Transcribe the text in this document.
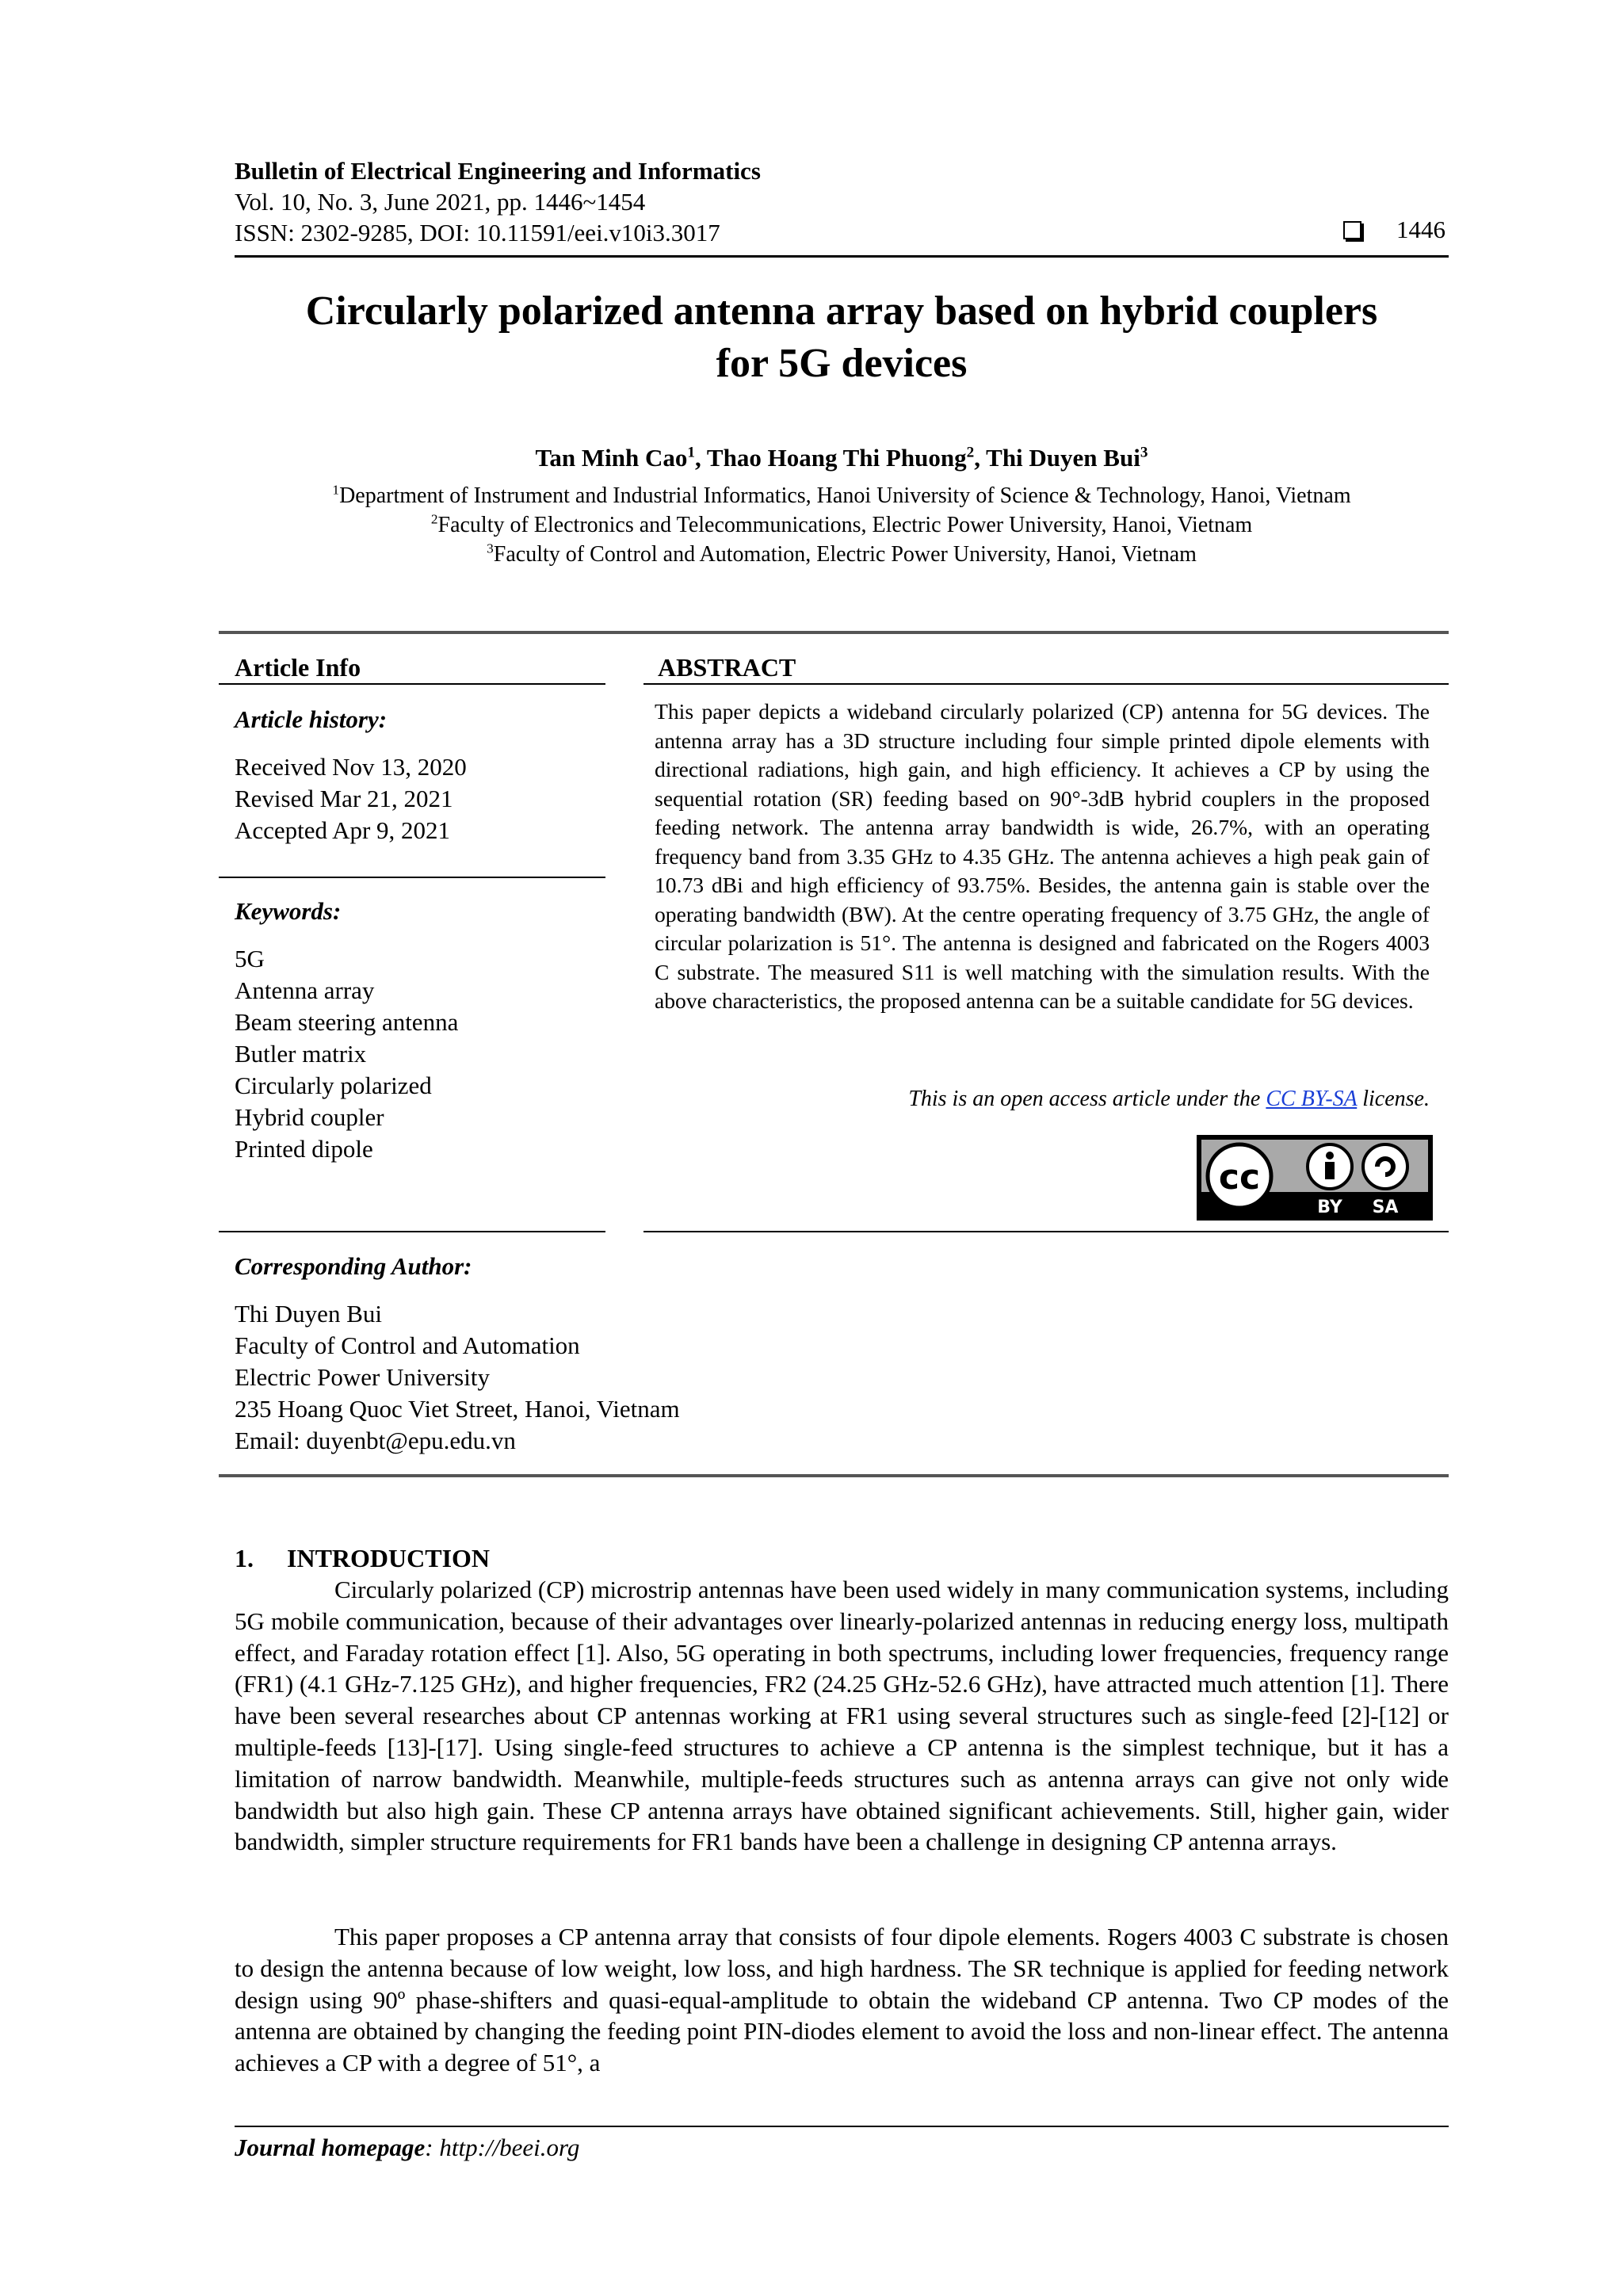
Bulletin of Electrical Engineering and Informatics
Vol. 10, No. 3, June 2021, pp. 1446~1454
ISSN: 2302-9285, DOI: 10.11591/eei.v10i3.3017	1446
Circularly polarized antenna array based on hybrid couplers
for 5G devices
Tan Minh Cao$^1$, Thao Hoang Thi Phuong$^2$, Thi Duyen Bui$^3$
$^1$Department of Instrument and Industrial Informatics, Hanoi University of Science & Technology, Hanoi, Vietnam
$^2$Faculty of Electronics and Telecommunications, Electric Power University, Hanoi, Vietnam
$^3$Faculty of Control and Automation, Electric Power University, Hanoi, Vietnam
Article Info
Article history:
Received Nov 13, 2020
Revised Mar 21, 2021
Accepted Apr 9, 2021
Keywords:
5G
Antenna array
Beam steering antenna
Butler matrix
Circularly polarized
Hybrid coupler
Printed dipole
ABSTRACT
This paper depicts a wideband circularly polarized (CP) antenna for 5G devices. The antenna array has a 3D structure including four simple printed dipole elements with directional radiations, high gain, and high efficiency. It achieves a CP by using the sequential rotation (SR) feeding based on 90°-3dB hybrid couplers in the proposed feeding network. The antenna array bandwidth is wide, 26.7%, with an operating frequency band from 3.35 GHz to 4.35 GHz. The antenna achieves a high peak gain of 10.73 dBi and high efficiency of 93.75%. Besides, the antenna gain is stable over the operating bandwidth (BW). At the centre operating frequency of 3.75 GHz, the angle of circular polarization is 51°. The antenna is designed and fabricated on the Rogers 4003 C substrate. The measured S11 is well matching with the simulation results. With the above characteristics, the proposed antenna can be a suitable candidate for 5G devices.
This is an open access article under the CC BY-SA license.
cc
BY SA
Corresponding Author:
Thi Duyen Bui
Faculty of Control and Automation
Electric Power University
235 Hoang Quoc Viet Street, Hanoi, Vietnam
Email: duyenbt@epu.edu.vn
1. INTRODUCTION
Circularly polarized (CP) microstrip antennas have been used widely in many communication systems, including 5G mobile communication, because of their advantages over linearly-polarized antennas in reducing energy loss, multipath effect, and Faraday rotation effect [1]. Also, 5G operating in both spectrums, including lower frequencies, frequency range (FR1) (4.1 GHz-7.125 GHz), and higher frequencies, FR2 (24.25 GHz-52.6 GHz), have attracted much attention [1]. There have been several researches about CP antennas working at FR1 using several structures such as single-feed [2]-[12] or multiple-feeds [13]-[17]. Using single-feed structures to achieve a CP antenna is the simplest technique, but it has a limitation of narrow bandwidth. Meanwhile, multiple-feeds structures such as antenna arrays can give not only wide bandwidth but also high gain. These CP antenna arrays have obtained significant achievements. Still, higher gain, wider bandwidth, simpler structure requirements for FR1 bands have been a challenge in designing CP antenna arrays.
This paper proposes a CP antenna array that consists of four dipole elements. Rogers 4003 C substrate is chosen to design the antenna because of low weight, low loss, and high hardness. The SR technique is applied for feeding network design using 90º phase-shifters and quasi-equal-amplitude to obtain the wideband CP antenna. Two CP modes of the antenna are obtained by changing the feeding point PIN-diodes element to avoid the loss and non-linear effect. The antenna achieves a CP with a degree of 51°, a
Journal homepage: http://beei.org
